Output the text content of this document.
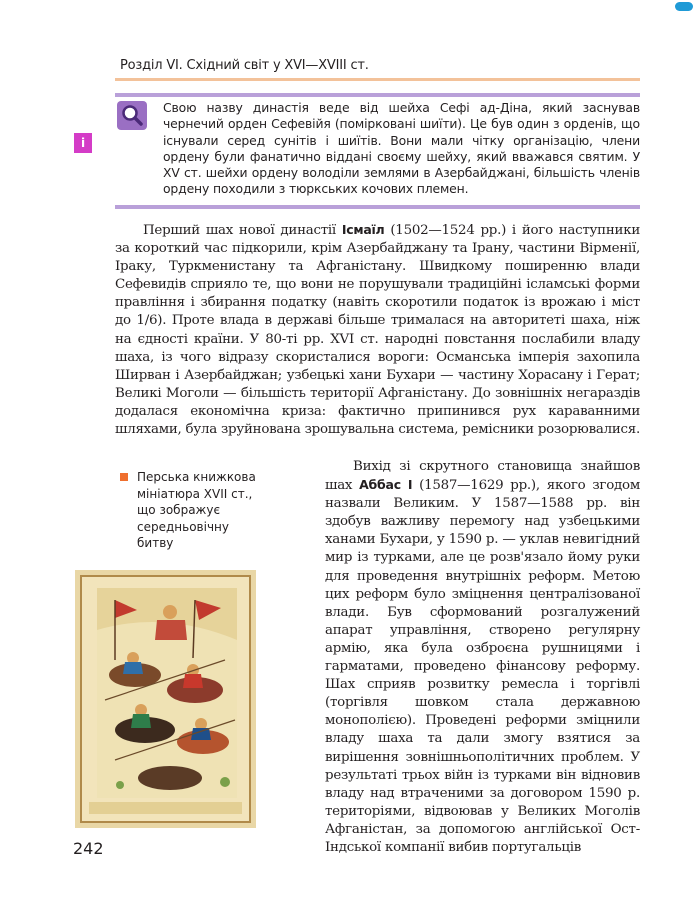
Розділ VI. Східний світ у XVI—XVIII ст.
і
Свою назву династія веде від шейха Сефі ад-Діна, який заснував чернечий орден Сефевійя (помірковані шиїти). Це був один з орденів, що існували серед сунітів і шиїтів. Вони мали чітку організацію, члени ордену були фанатично віддані своєму шейху, який вважався святим. У XV ст. шейхи ордену володіли землями в Азербайджані, більшість членів ордену походили з тюркських кочових племен.

Перший шах нової династії Ісмаїл (1502—1524 рр.) і його наступники за короткий час підкорили, крім Азербайджану та Ірану, частини Вірменії, Іраку, Туркменистану та Афганістану. Швидкому поширенню влади Сефевидів сприяло те, що вони не порушували традиційні ісламські форми правління і збирання податку (навіть скоротили податок із врожаю і міст до 1/6). Проте влада в державі більше трималася на авторитеті шаха, ніж на єдності країни. У 80-ті рр. XVI ст. народні повстання послабили владу шаха, із чого відразу скористалися вороги: Османська імперія захопила Ширван і Азербайджан; узбецькі хани Бухари — частину Хорасану і Герат; Великі Моголи — більшість території Афганістану. До зовнішніх негараздів додалася економічна криза: фактично припинився рух караванними шляхами, була зруйнована зрошувальна система, ремісники розорювалися.

Перська книжкова мініатюра XVII ст., що зображує середньовічну битву

Вихід зі скрутного становища знайшов шах Аббас І (1587—1629 рр.), якого згодом назвали Великим. У 1587—1588 рр. він здобув важливу перемогу над узбецькими ханами Бухари, у 1590 р. — уклав невигідний мир із турками, але це розв'язало йому руки для проведення внутрішніх реформ. Метою цих реформ було зміцнення централізованої влади. Був сформований розгалужений апарат управління, створено регулярну армію, яка була озброєна рушницями і гарматами, проведено фінансову реформу. Шах сприяв розвитку ремесла і торгівлі (торгівля шовком стала державною монополією). Проведені реформи зміцнили владу шаха та дали змогу взятися за вирішення зовнішньополітичних проблем. У результаті трьох війн із турками він відновив владу над втраченими за договором 1590 р. територіями, відвоював у Великих Моголів Афганістан, за допомогою англійської Ост-Індської компанії вибив португальців

242
